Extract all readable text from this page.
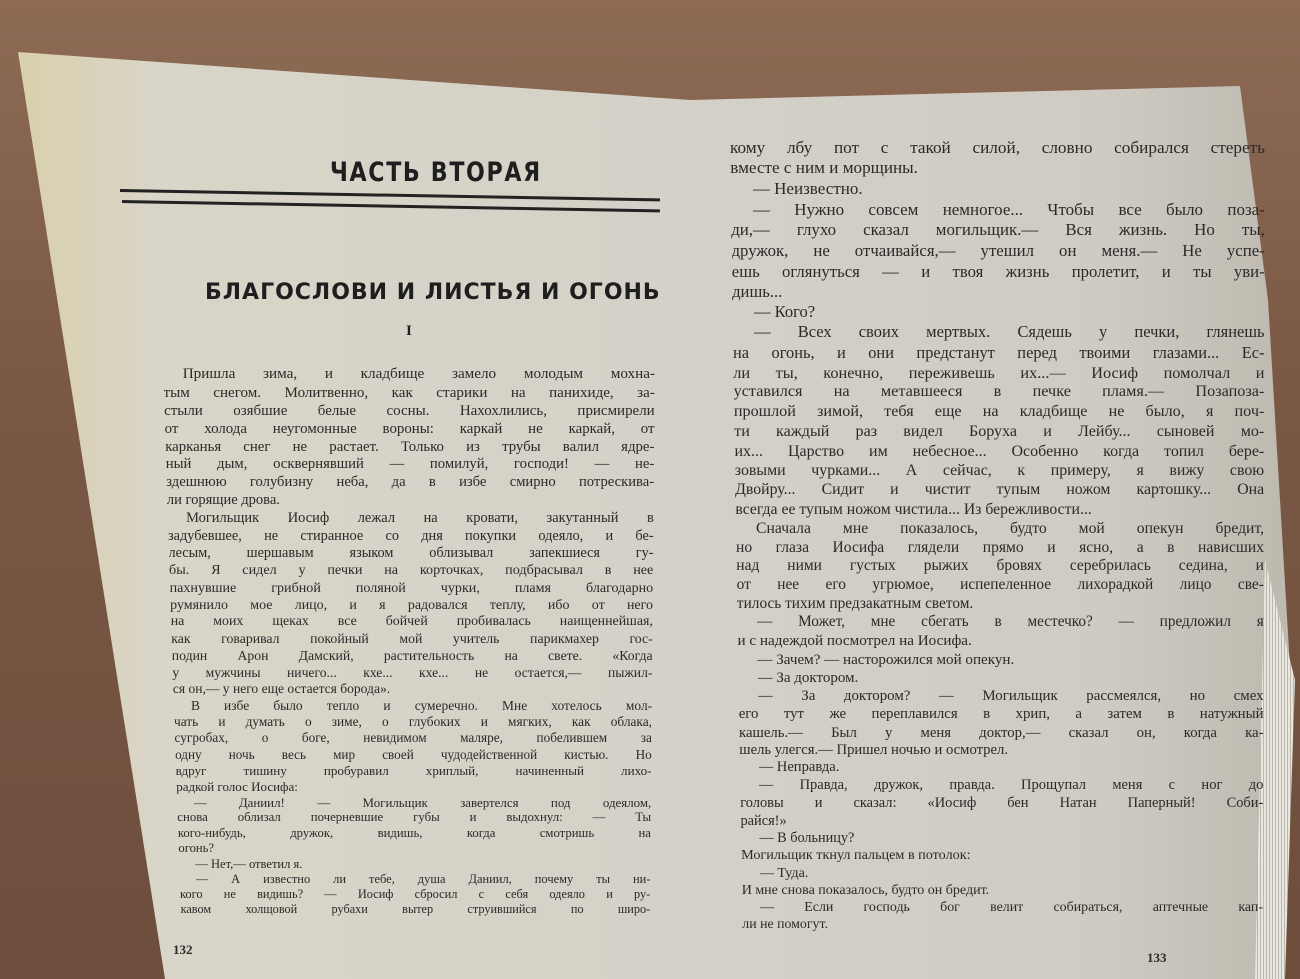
ЧАСТЬ ВТОРАЯ
БЛАГОСЛОВИ И ЛИСТЬЯ И ОГОНЬ
I
Пришла зима, и кладбище замело молодым мохна-
тым снегом. Молитвенно, как старики на панихиде, за-
стыли озябшие белые сосны. Нахохлились, присмирели
от холода неугомонные вороны: каркай не каркай, от
карканья снег не растает. Только из трубы валил ядре-
ный дым, осквернявший — помилуй, господи! — не-
здешнюю голубизну неба, да в избе смирно потрескива-
ли горящие дрова.
Могильщик Иосиф лежал на кровати, закутанный в
задубевшее, не стиранное со дня покупки одеяло, и бе-
лесым, шершавым языком облизывал запекшиеся гу-
бы. Я сидел у печки на корточках, подбрасывал в нее
пахнувшие грибной поляной чурки, пламя благодарно
румянило мое лицо, и я радовался теплу, ибо от него
на моих щеках все бойчей пробивалась наищеннейшая,
как говаривал покойный мой учитель парикмахер гос-
подин Арон Дамский, растительность на свете. «Когда
у мужчины ничего... кхе... кхе... не остается,— пыжил-
ся он,— у него еще остается борода».
В избе было тепло и сумеречно. Мне хотелось мол-
чать и думать о зиме, о глубоких и мягких, как облака,
сугробах, о боге, невидимом маляре, побелившем за
одну ночь весь мир своей чудодейственной кистью. Но
вдруг тишину пробуравил хриплый, начиненный лихо-
радкой голос Иосифа:
— Даниил! — Могильщик завертелся под одеялом,
снова облизал почерневшие губы и выдохнул: — Ты
кого-нибудь, дружок, видишь, когда смотришь на
огонь?
— Нет,— ответил я.
— А известно ли тебе, душа Даниил, почему ты ни-
кого не видишь? — Иосиф сбросил с себя одеяло и ру-
кавом холщовой рубахи вытер струившийся по широ-
кому лбу пот с такой силой, словно собирался стереть
вместе с ним и морщины.
— Неизвестно.
— Нужно совсем немногое... Чтобы все было поза-
ди,— глухо сказал могильщик.— Вся жизнь. Но ты,
дружок, не отчаивайся,— утешил он меня.— Не успе-
ешь оглянуться — и твоя жизнь пролетит, и ты уви-
дишь...
— Кого?
— Всех своих мертвых. Сядешь у печки, глянешь
на огонь, и они предстанут перед твоими глазами... Ес-
ли ты, конечно, переживешь их...— Иосиф помолчал и
уставился на метавшееся в печке пламя.— Позапоза-
прошлой зимой, тебя еще на кладбище не было, я поч-
ти каждый раз видел Боруха и Лейбу... сыновей мо-
их... Царство им небесное... Особенно когда топил бере-
зовыми чурками... А сейчас, к примеру, я вижу свою
Двойру... Сидит и чистит тупым ножом картошку... Она
всегда ее тупым ножом чистила... Из бережливости...
Сначала мне показалось, будто мой опекун бредит,
но глаза Иосифа глядели прямо и ясно, а в нависших
над ними густых рыжих бровях серебрилась седина, и
от нее его угрюмое, испепеленное лихорадкой лицо све-
тилось тихим предзакатным светом.
— Может, мне сбегать в местечко? — предложил я
и с надеждой посмотрел на Иосифа.
— Зачем? — насторожился мой опекун.
— За доктором.
— За доктором? — Могильщик рассмеялся, но смех
его тут же переплавился в хрип, а затем в натужный
кашель.— Был у меня доктор,— сказал он, когда ка-
шель улегся.— Пришел ночью и осмотрел.
— Неправда.
— Правда, дружок, правда. Прощупал меня с ног до
головы и сказал: «Иосиф бен Натан Паперный! Соби-
райся!»
— В больницу?
Могильщик ткнул пальцем в потолок:
— Туда.
И мне снова показалось, будто он бредит.
— Если господь бог велит собираться, аптечные кап-
ли не помогут.
132
133
